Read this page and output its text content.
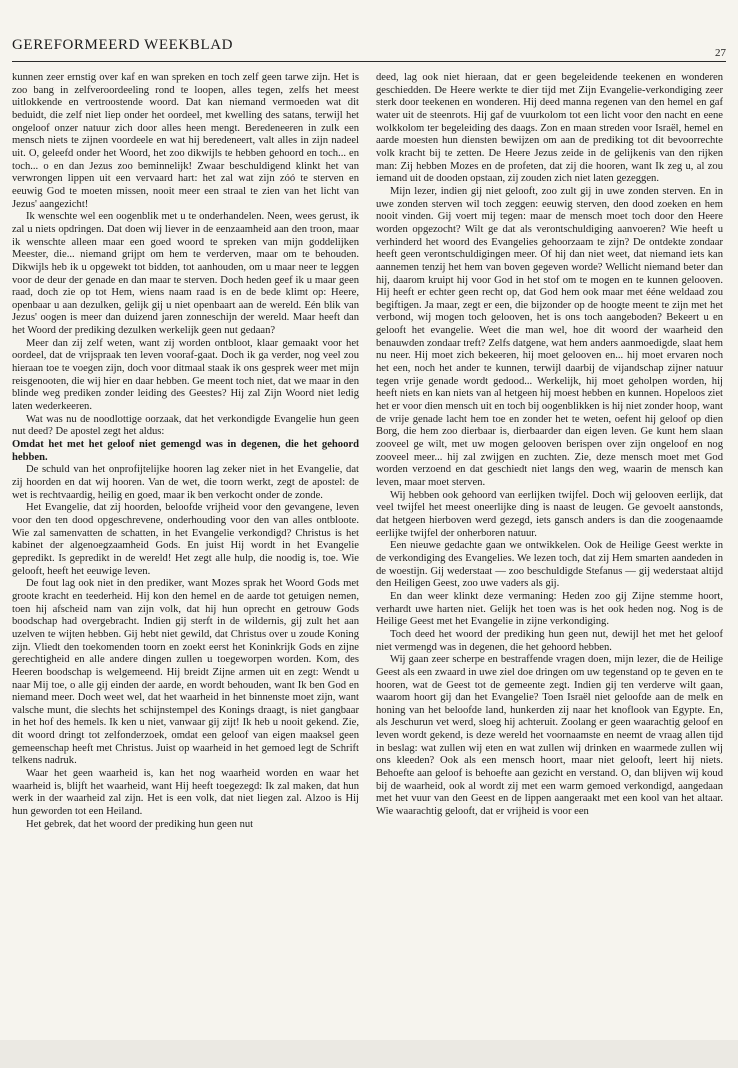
GEREFORMEERD WEEKBLAD	27

kunnen zeer ernstig over kaf en wan spreken en toch zelf geen tarwe zijn. Het is zoo bang in zelfveroordeeling rond te loopen, alles tegen, zelfs het meest uitlokkende en vertroostende woord. Dat kan niemand vermoeden wat dit beduidt, die zelf niet liep onder het oordeel, met kwelling des satans, terwijl het ongeloof onzer natuur zich door alles heen mengt. Beredeneeren in zulk een mensch niets te zijnen voordeele en wat hij beredeneert, valt alles in zijn nadeel uit. O, geleefd onder het Woord, het zoo dikwijls te hebben gehoord en toch... en toch... o en dan Jezus zoo beminnelijk! Zwaar beschuldigend klinkt het van verwrongen lippen uit een vervaard hart: het zal wat zijn zóó te sterven en eeuwig God te moeten missen, nooit meer een straal te zien van het licht van Jezus' aangezicht!

Ik wenschte wel een oogenblik met u te onderhandelen. Neen, wees gerust, ik zal u niets opdringen. Dat doen wij liever in de eenzaamheid aan den troon, maar ik wenschte alleen maar een goed woord te spreken van mijn goddelijken Meester, die... niemand grijpt om hem te verderven, maar om te behouden. Dikwijls heb ik u opgewekt tot bidden, tot aanhouden, om u maar neer te leggen voor de deur der genade en dan maar te sterven. Doch heden geef ik u maar geen raad, doch zie op tot Hem, wiens naam raad is en de bede klimt op: Heere, openbaar u aan dezulken, gelijk gij u niet openbaart aan de wereld. Eén blik van Jezus' oogen is meer dan duizend jaren zonneschijn der wereld. Maar heeft dan het Woord der prediking dezulken werkelijk geen nut gedaan?

Meer dan zij zelf weten, want zij worden ontbloot, klaar gemaakt voor het oordeel, dat de vrijspraak ten leven vooraf-gaat. Doch ik ga verder, nog veel zou hieraan toe te voegen zijn, doch voor ditmaal staak ik ons gesprek weer met mijn reisgenooten, die wij hier en daar hebben. Ge meent toch niet, dat we maar in den blinde weg prediken zonder leiding des Geestes? Hij zal Zijn Woord niet ledig laten wederkeeren.

Wat was nu de noodlottige oorzaak, dat het verkondigde Evangelie hun geen nut deed? De apostel zegt het aldus:

Omdat het met het geloof niet gemengd was in degenen, die het gehoord hebben.

De schuld van het onprofijtelijke hooren lag zeker niet in het Evangelie, dat zij hoorden en dat wij hooren. Van de wet, die toorn werkt, zegt de apostel: de wet is rechtvaardig, heilig en goed, maar ik ben verkocht onder de zonde.

Het Evangelie, dat zij hoorden, beloofde vrijheid voor den gevangene, leven voor den ten dood opgeschrevene, onderhouding voor den van alles ontbloote. Wie zal samenvatten de schatten, in het Evangelie verkondigd? Christus is het kabinet der algenoegzaamheid Gods. En juist Hij wordt in het Evangelie gepredikt. Is gepredikt in de wereld! Het zegt alle hulp, die noodig is, toe. Wie gelooft, heeft het eeuwige leven.

De fout lag ook niet in den prediker, want Mozes sprak het Woord Gods met groote kracht en teederheid. Hij kon den hemel en de aarde tot getuigen nemen, toen hij afscheid nam van zijn volk, dat hij hun oprecht en getrouw Gods boodschap had overgebracht. Indien gij sterft in de wildernis, gij zult het aan uzelven te wijten hebben. Gij hebt niet gewild, dat Christus over u zoude Koning zijn. Vliedt den toekomenden toorn en zoekt eerst het Koninkrijk Gods en zijne gerechtigheid en alle andere dingen zullen u toegeworpen worden. Kom, des Heeren boodschap is welgemeend. Hij breidt Zijne armen uit en zegt: Wendt u naar Mij toe, o alle gij einden der aarde, en wordt behouden, want Ik ben God en niemand meer. Doch weet wel, dat het waarheid in het binnenste moet zijn, want valsche munt, die slechts het schijnstempel des Konings draagt, is niet gangbaar in het hof des hemels. Ik ken u niet, vanwaar gij zijt! Ik heb u nooit gekend. Zie, dit woord dringt tot zelfonderzoek, omdat een geloof van eigen maaksel geen gemeenschap heeft met Christus. Juist op waarheid in het gemoed legt de Schrift telkens nadruk.

Waar het geen waarheid is, kan het nog waarheid worden en waar het waarheid is, blijft het waarheid, want Hij heeft toegezegd: Ik zal maken, dat hun werk in der waarheid zal zijn. Het is een volk, dat niet liegen zal. Alzoo is Hij hun geworden tot een Heiland.

Het gebrek, dat het woord der prediking hun geen nut

deed, lag ook niet hieraan, dat er geen begeleidende teekenen en wonderen geschiedden. De Heere werkte te dier tijd met Zijn Evangelie-verkondiging zeer sterk door teekenen en wonderen. Hij deed manna regenen van den hemel en gaf water uit de steenrots. Hij gaf de vuurkolom tot een licht voor den nacht en eene wolkkolom ter begeleiding des daags. Zon en maan streden voor Israël, hemel en aarde moesten hun diensten bewijzen om aan de prediking tot dit bevoorrechte volk kracht bij te zetten. De Heere Jezus zeide in de gelijkenis van den rijken man: Zij hebben Mozes en de profeten, dat zij die hooren, want Ik zeg u, al zou iemand uit de dooden opstaan, zij zouden zich niet laten gezeggen.

Mijn lezer, indien gij niet gelooft, zoo zult gij in uwe zonden sterven. En in uwe zonden sterven wil toch zeggen: eeuwig sterven, den dood zoeken en hem nooit vinden. Gij voert mij tegen: maar de mensch moet toch door den Heere worden opgezocht? Wilt ge dat als verontschuldiging aanvoeren? Wie heeft u verhinderd het woord des Evangelies gehoorzaam te zijn? De ontdekte zondaar heeft geen verontschuldigingen meer. Of hij dan niet weet, dat niemand iets kan aannemen tenzij het hem van boven gegeven worde? Wellicht niemand beter dan hij, daarom kruipt hij voor God in het stof om te mogen en te kunnen gelooven. Hij heeft er echter geen recht op, dat God hem ook maar met ééne weldaad zou begiftigen. Ja maar, zegt er een, die bijzonder op de hoogte meent te zijn met het verbond, wij mogen toch gelooven, het is ons toch aangeboden? Bekeert u en gelooft het evangelie. Weet die man wel, hoe dit woord der waarheid den benauwden zondaar treft? Zelfs datgene, wat hem anders aanmoedigde, slaat hem nu neer. Hij moet zich bekeeren, hij moet gelooven en... hij moet ervaren noch het een, noch het ander te kunnen, terwijl daarbij de vijandschap zijner natuur tegen vrije genade wordt gedood... Werkelijk, hij moet geholpen worden, hij heeft niets en kan niets van al hetgeen hij moest hebben en kunnen. Hopeloos ziet het er voor dien mensch uit en toch bij oogenblikken is hij niet zonder hoop, want de vrije genade lacht hem toe en zonder het te weten, oefent hij geloof op dien Borg, die hem zoo dierbaar is, dierbaarder dan eigen leven. Ge kunt hem slaan zooveel ge wilt, met uw mogen gelooven berispen over zijn ongeloof en nog zooveel meer... hij zal zwijgen en zuchten. Zie, deze mensch moet met God worden verzoend en dat geschiedt niet langs den weg, waarin de mensch kan leven, maar moet sterven.

Wij hebben ook gehoord van eerlijken twijfel. Doch wij gelooven eerlijk, dat veel twijfel het meest oneerlijke ding is naast de leugen. Ge gevoelt aanstonds, dat hetgeen hierboven werd gezegd, iets gansch anders is dan die zoogenaamde eerlijke twijfel der onherboren natuur.

Een nieuwe gedachte gaan we ontwikkelen. Ook de Heilige Geest werkte in de verkondiging des Evangelies. We lezen toch, dat zij Hem smarten aandeden in de woestijn. Gij wederstaat — zoo beschuldigde Stefanus — gij wederstaat altijd den Heiligen Geest, zoo uwe vaders als gij.

En dan weer klinkt deze vermaning: Heden zoo gij Zijne stemme hoort, verhardt uwe harten niet. Gelijk het toen was is het ook heden nog. Nog is de Heilige Geest met het Evangelie in zijne verkondiging.

Toch deed het woord der prediking hun geen nut, dewijl het met het geloof niet vermengd was in degenen, die het gehoord hebben.

Wij gaan zeer scherpe en bestraffende vragen doen, mijn lezer, die de Heilige Geest als een zwaard in uwe ziel doe dringen om uw tegenstand op te geven en te hooren, wat de Geest tot de gemeente zegt. Indien gij ten verderve wilt gaan, waarom hoort gij dan het Evangelie? Toen Israël niet geloofde aan de melk en honing van het beloofde land, hunkerden zij naar het knoflook van Egypte. En, als Jeschurun vet werd, sloeg hij achteruit. Zoolang er geen waarachtig geloof en leven wordt gekend, is deze wereld het voornaamste en neemt de vraag allen tijd in beslag: wat zullen wij eten en wat zullen wij drinken en waarmede zullen wij ons kleeden? Ook als een mensch hoort, maar niet gelooft, leert hij niets. Behoefte aan geloof is behoefte aan gezicht en verstand. O, dan blijven wij koud bij de waarheid, ook al wordt zij met een warm gemoed verkondigd, aangedaan met het vuur van den Geest en de lippen aangeraakt met een kool van het altaar. Wie waarachtig gelooft, dat er vrijheid is voor een
